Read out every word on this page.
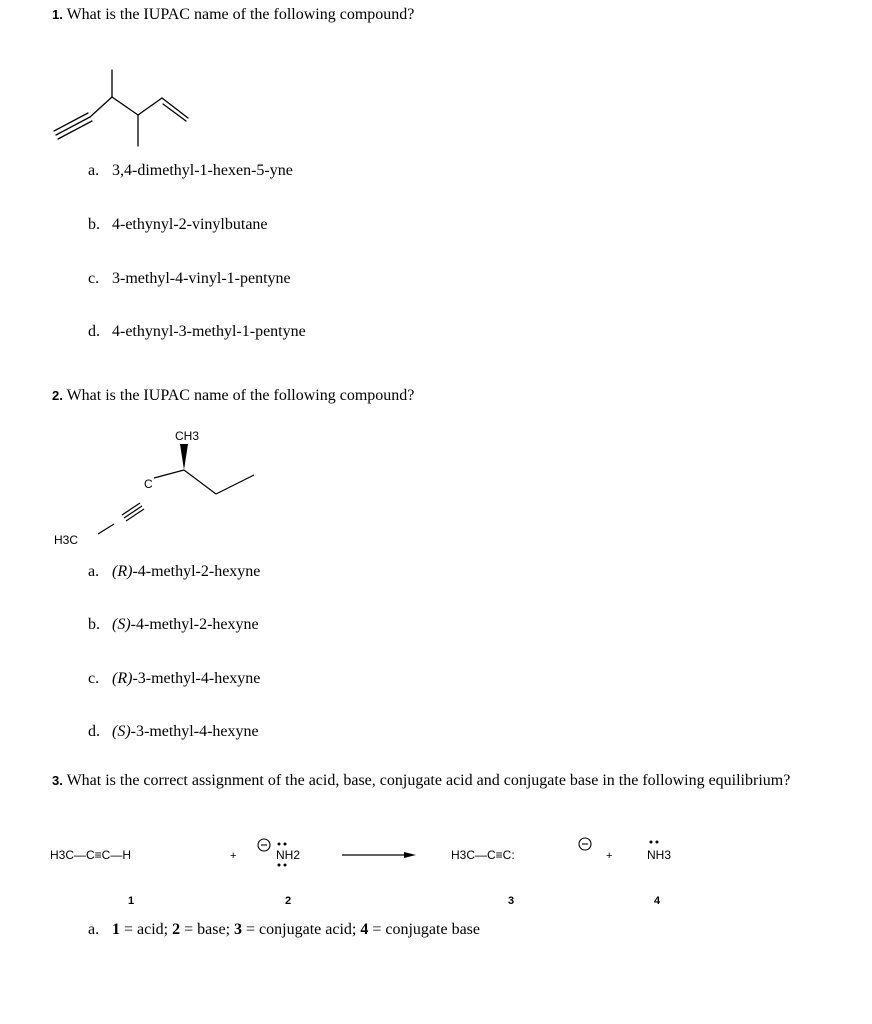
1. What is the IUPAC name of the following compound?
a. 3,4-dimethyl-1-hexen-5-yne
b. 4-ethynyl-2-vinylbutane
c. 3-methyl-4-vinyl-1-pentyne
d. 4-ethynyl-3-methyl-1-pentyne
2. What is the IUPAC name of the following compound?
CH3
C
H3C
a. (R)-4-methyl-2-hexyne
b. (S)-4-methyl-2-hexyne
c. (R)-3-methyl-4-hexyne
d. (S)-3-methyl-4-hexyne
3. What is the correct assignment of the acid, base, conjugate acid and conjugate base in the following equilibrium?
H3C—C≡C—H	+	NH2	H3C—C≡C:	+	NH3
1	2	3	4
a. 1 = acid; 2 = base; 3 = conjugate acid; 4 = conjugate base
